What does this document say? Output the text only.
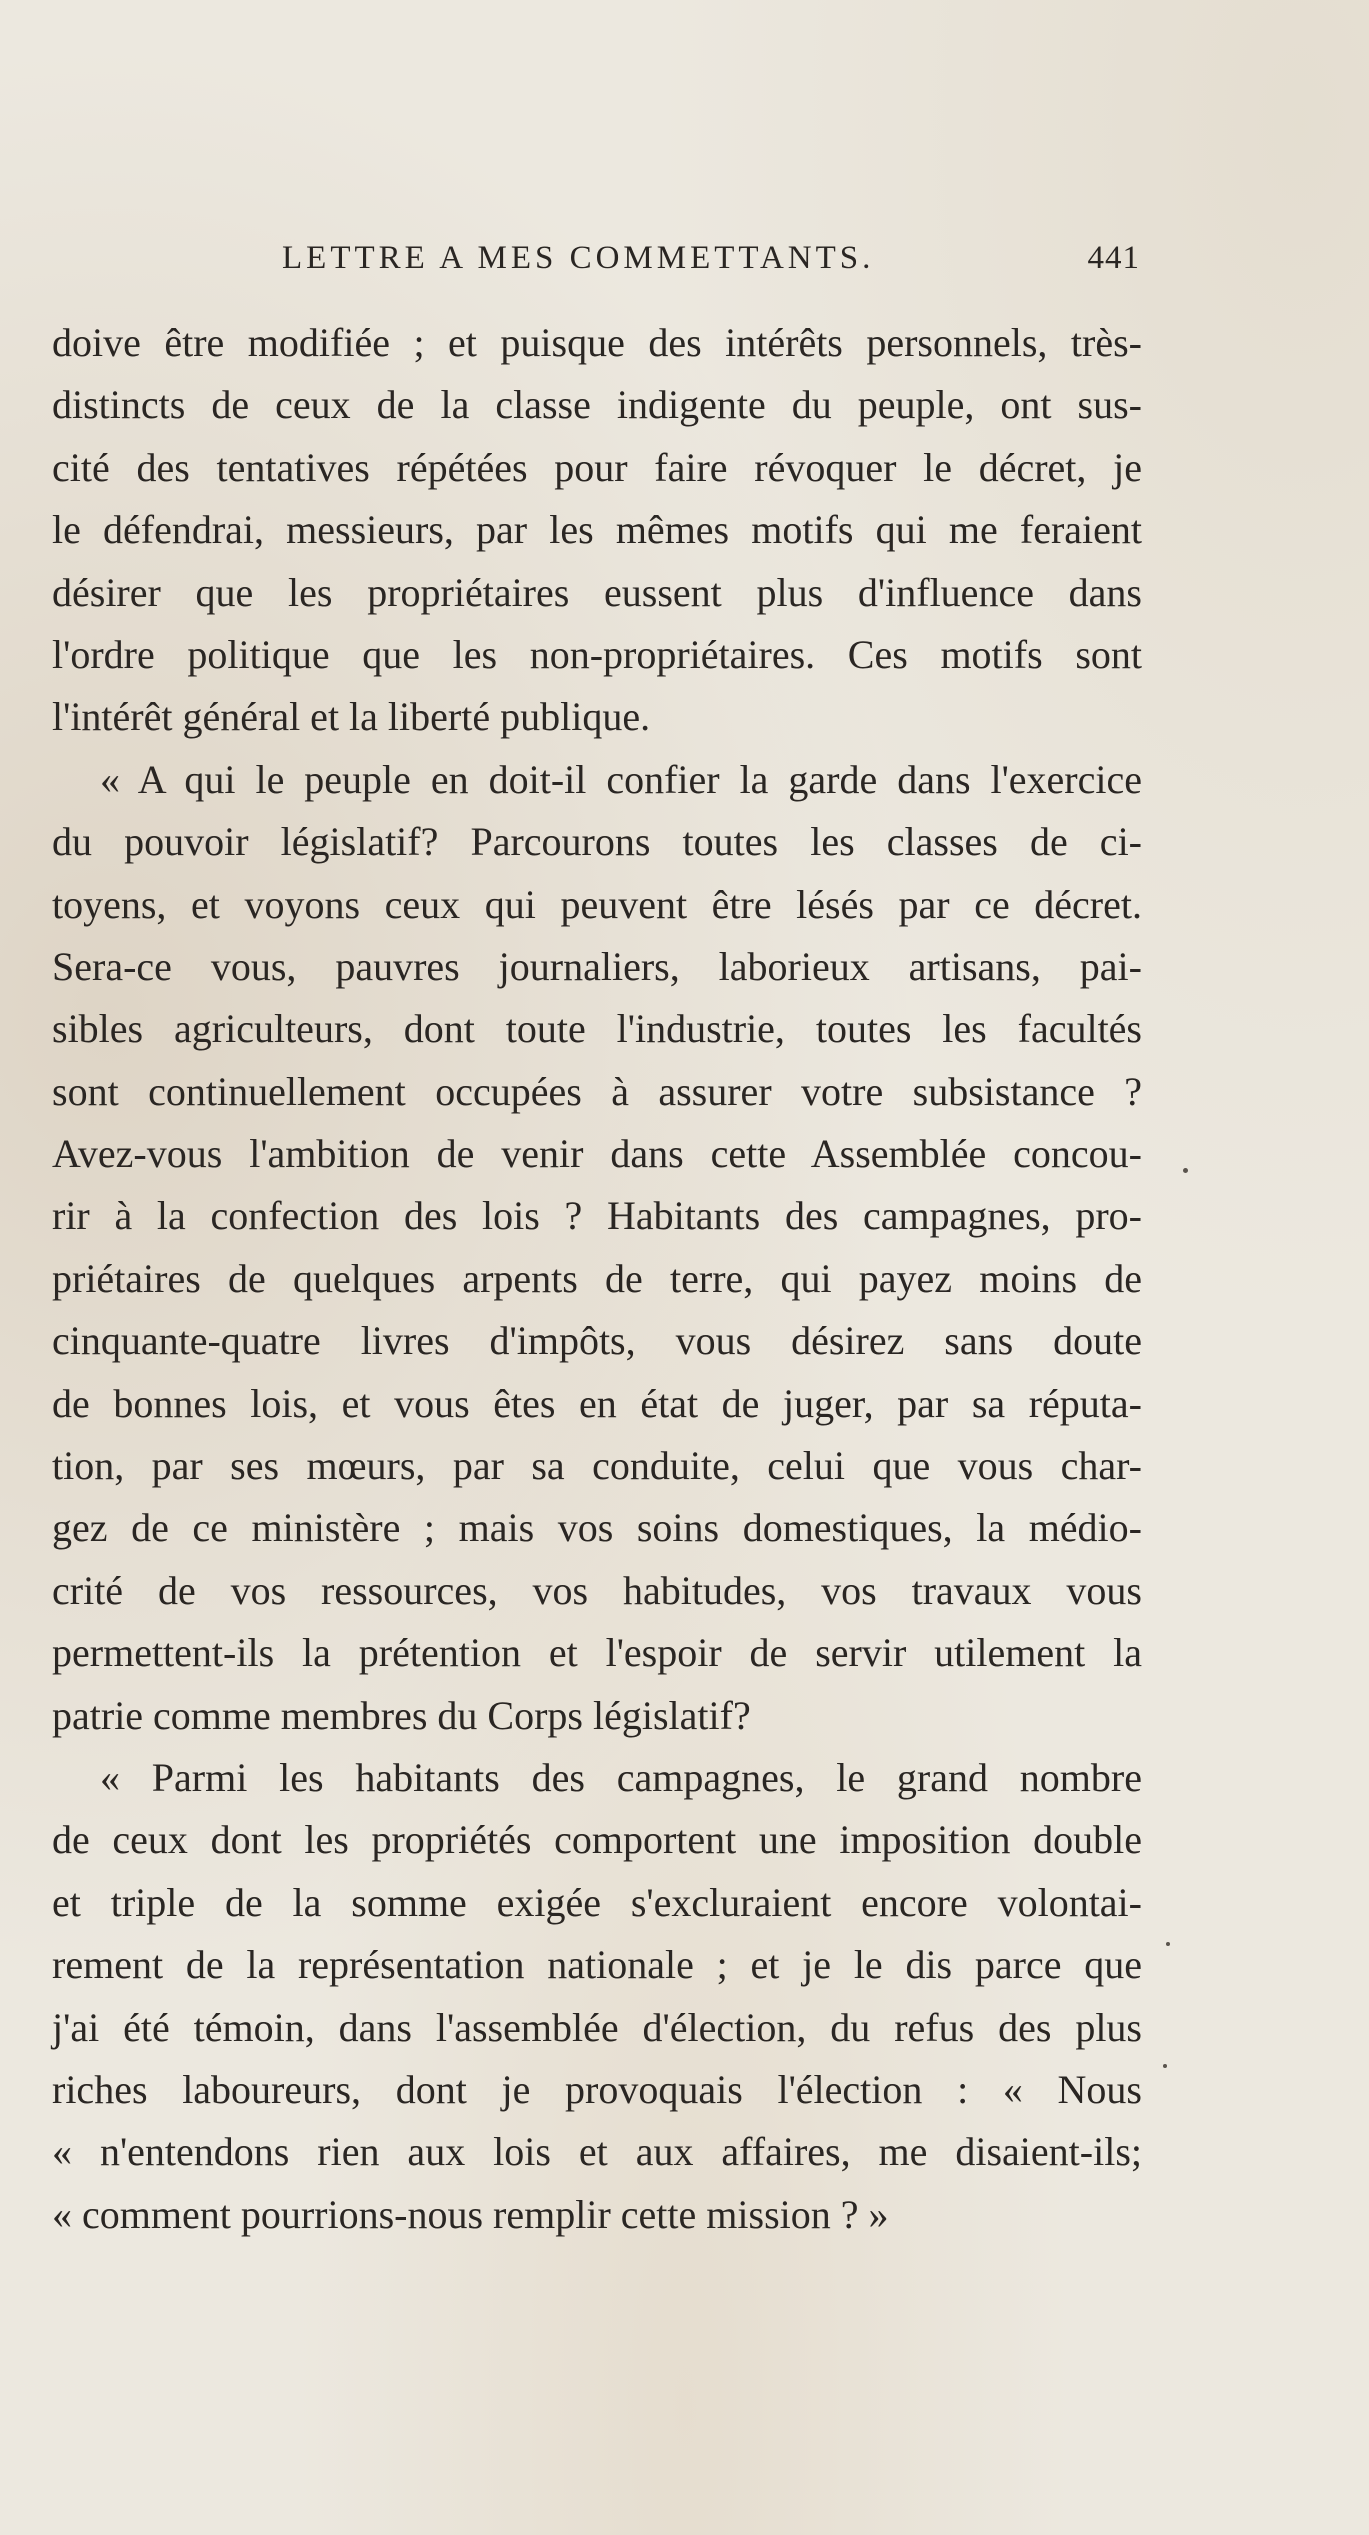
LETTRE A MES COMMETTANTS.	441
doive être modifiée ; et puisque des intérêts personnels, très-
distincts de ceux de la classe indigente du peuple, ont sus-
cité des tentatives répétées pour faire révoquer le décret, je
le défendrai, messieurs, par les mêmes motifs qui me feraient
désirer que les propriétaires eussent plus d'influence dans
l'ordre politique que les non-propriétaires. Ces motifs sont
l'intérêt général et la liberté publique.
« A qui le peuple en doit-il confier la garde dans l'exercice
du pouvoir législatif? Parcourons toutes les classes de ci-
toyens, et voyons ceux qui peuvent être lésés par ce décret.
Sera-ce vous, pauvres journaliers, laborieux artisans, pai-
sibles agriculteurs, dont toute l'industrie, toutes les facultés
sont continuellement occupées à assurer votre subsistance ?
Avez-vous l'ambition de venir dans cette Assemblée concou-
rir à la confection des lois ? Habitants des campagnes, pro-
priétaires de quelques arpents de terre, qui payez moins de
cinquante-quatre livres d'impôts, vous désirez sans doute
de bonnes lois, et vous êtes en état de juger, par sa réputa-
tion, par ses mœurs, par sa conduite, celui que vous char-
gez de ce ministère ; mais vos soins domestiques, la médio-
crité de vos ressources, vos habitudes, vos travaux vous
permettent-ils la prétention et l'espoir de servir utilement la
patrie comme membres du Corps législatif?
« Parmi les habitants des campagnes, le grand nombre
de ceux dont les propriétés comportent une imposition double
et triple de la somme exigée s'excluraient encore volontai-
rement de la représentation nationale ; et je le dis parce que
j'ai été témoin, dans l'assemblée d'élection, du refus des plus
riches laboureurs, dont je provoquais l'élection : « Nous
« n'entendons rien aux lois et aux affaires, me disaient-ils;
« comment pourrions-nous remplir cette mission ? »
